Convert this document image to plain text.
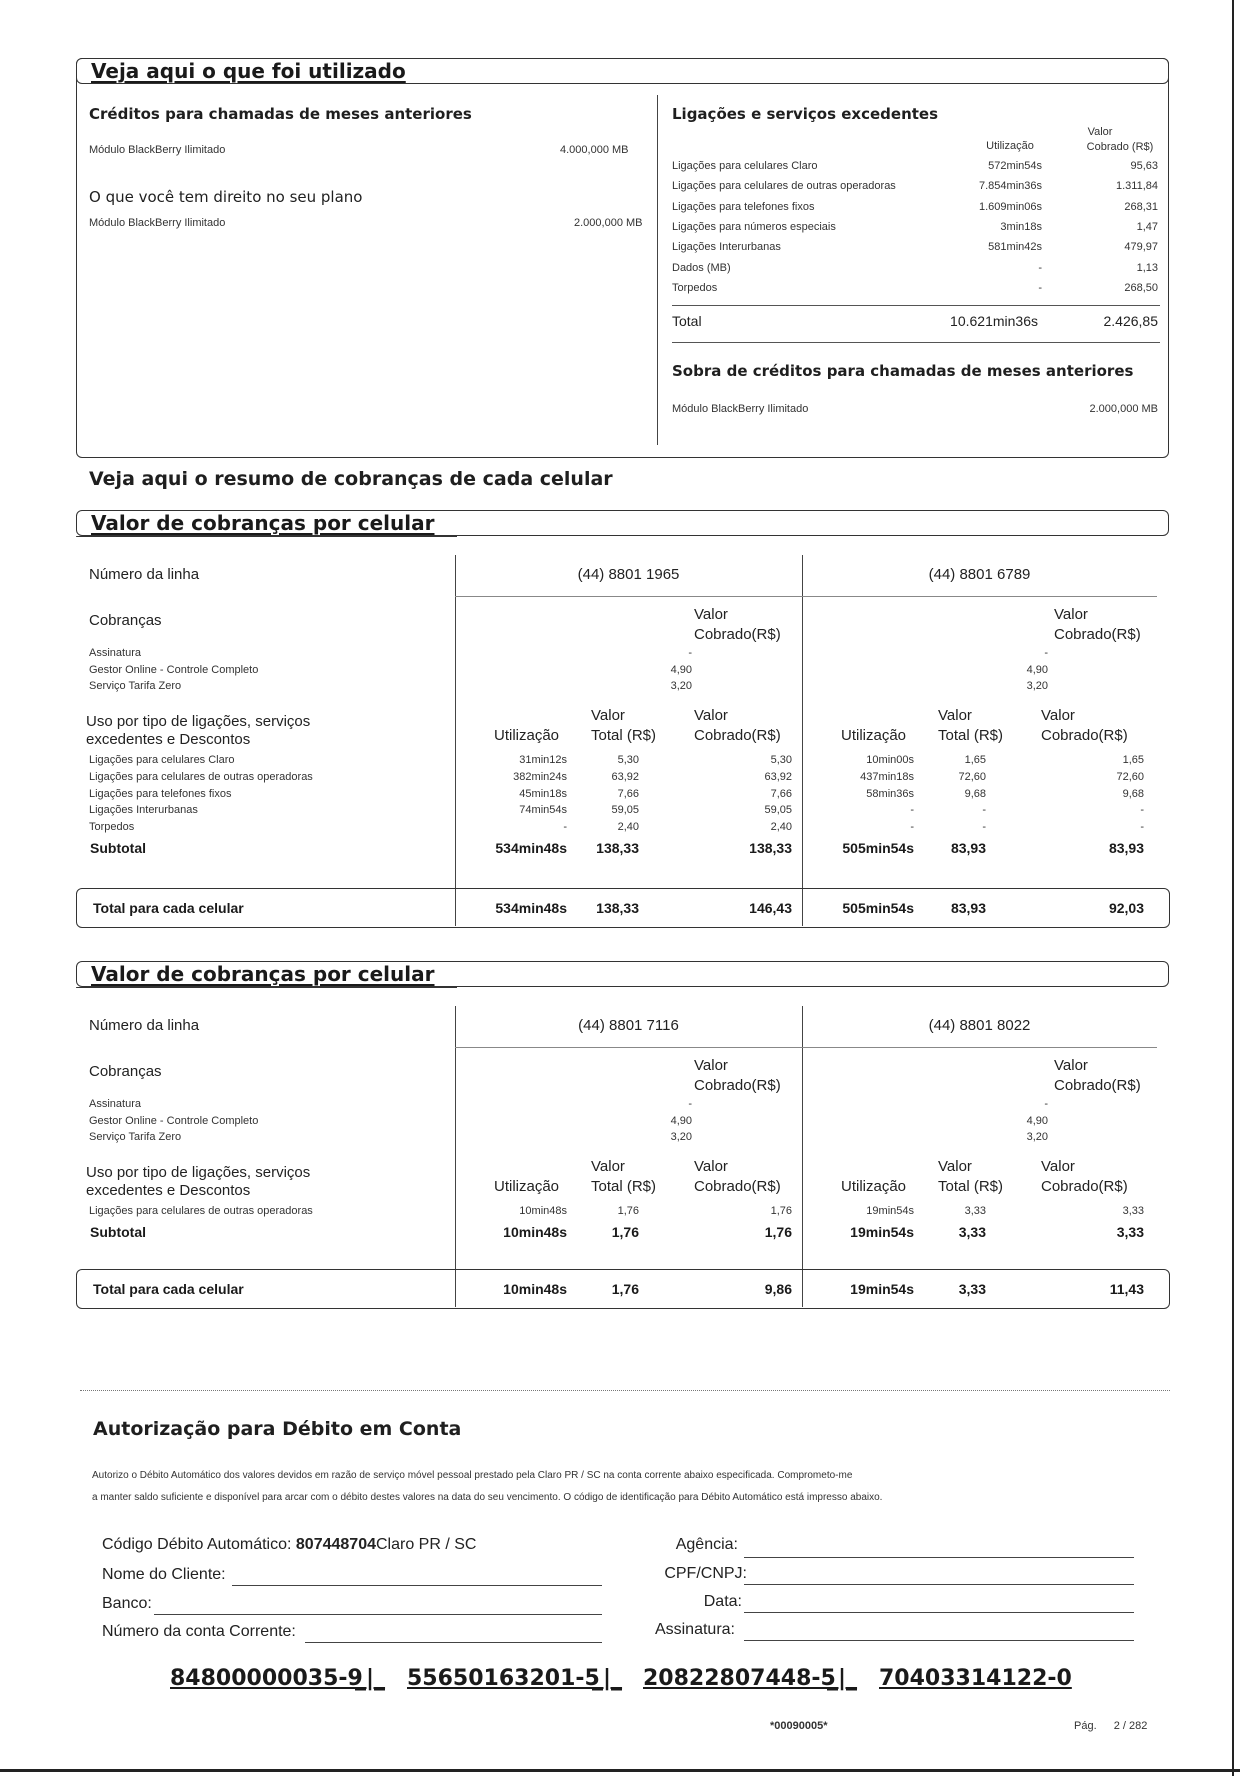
Veja aqui o que foi utilizado
Créditos para chamadas de meses anteriores
Módulo BlackBerry Ilimitado	4.000,000 MB
O que você tem direito no seu plano
Módulo BlackBerry Ilimitado	2.000,000 MB
Ligações e serviços excedentes
Utilização
Valor
Cobrado (R$)
Ligações para celulares Claro	572min54s	95,63
Ligações para celulares de outras operadoras	7.854min36s	1.311,84
Ligações para telefones fixos	1.609min06s	268,31
Ligações para números especiais	3min18s	1,47
Ligações Interurbanas	581min42s	479,97
Dados (MB)	-	1,13
Torpedos	-	268,50
Total	10.621min36s	2.426,85
Sobra de créditos para chamadas de meses anteriores
Módulo BlackBerry Ilimitado	2.000,000 MB
Veja aqui o resumo de cobranças de cada celular
Valor de cobranças por celular
Número da linha	(44) 8801 1965	(44) 8801 6789
Cobranças	Valor
Cobrado(R$)
Valor
Cobrado(R$)
Assinatura	-	-
Gestor Online - Controle Completo	4,90	4,90
Serviço Tarifa Zero	3,20	3,20
Uso por tipo de ligações, serviços
excedentes e Descontos	Utilização
Valor
Total (R$)
Valor
Cobrado(R$)	Utilização
Valor
Total (R$)
Valor
Cobrado(R$)
Ligações para celulares Claro	31min12s	5,30	5,30	10min00s	1,65	1,65
Ligações para celulares de outras operadoras	382min24s	63,92	63,92	437min18s	72,60	72,60
Ligações para telefones fixos	45min18s	7,66	7,66	58min36s	9,68	9,68
Ligações Interurbanas	74min54s	59,05	59,05	-	-	-
Torpedos	-	2,40	2,40	-	-	-
Subtotal	534min48s	138,33	138,33	505min54s	83,93	83,93
Total para cada celular	534min48s	138,33	146,43	505min54s	83,93	92,03
Valor de cobranças por celular
Número da linha	(44) 8801 7116	(44) 8801 8022
Cobranças	Valor
Cobrado(R$)
Valor
Cobrado(R$)
Assinatura	-	-
Gestor Online - Controle Completo	4,90	4,90
Serviço Tarifa Zero	3,20	3,20
Uso por tipo de ligações, serviços
excedentes e Descontos	Utilização
Valor
Total (R$)
Valor
Cobrado(R$)	Utilização
Valor
Total (R$)
Valor
Cobrado(R$)
Ligações para celulares de outras operadoras	10min48s	1,76	1,76	19min54s	3,33	3,33
Subtotal	10min48s	1,76	1,76	19min54s	3,33	3,33
Total para cada celular	10min48s	1,76	9,86	19min54s	3,33	11,43
Autorização para Débito em Conta
Autorizo o Débito Automático dos valores devidos em razão de serviço móvel pessoal prestado pela Claro PR / SC na conta corrente abaixo especificada. Comprometo-me
a manter saldo suficiente e disponível para arcar com o débito destes valores na data do seu vencimento. O código de identificação para Débito Automático está impresso abaixo.
Código Débito Automático: 807448704Claro PR / SC
Nome do Cliente:
Banco:
Número da conta Corrente:
Agência:
CPF/CNPJ:
Data:
Assinatura:
84800000035-9
_|_ 55650163201-5
_|_ 20822807448-5
_|_ 70403314122-0
*00090005*	Pág. 2 / 282
